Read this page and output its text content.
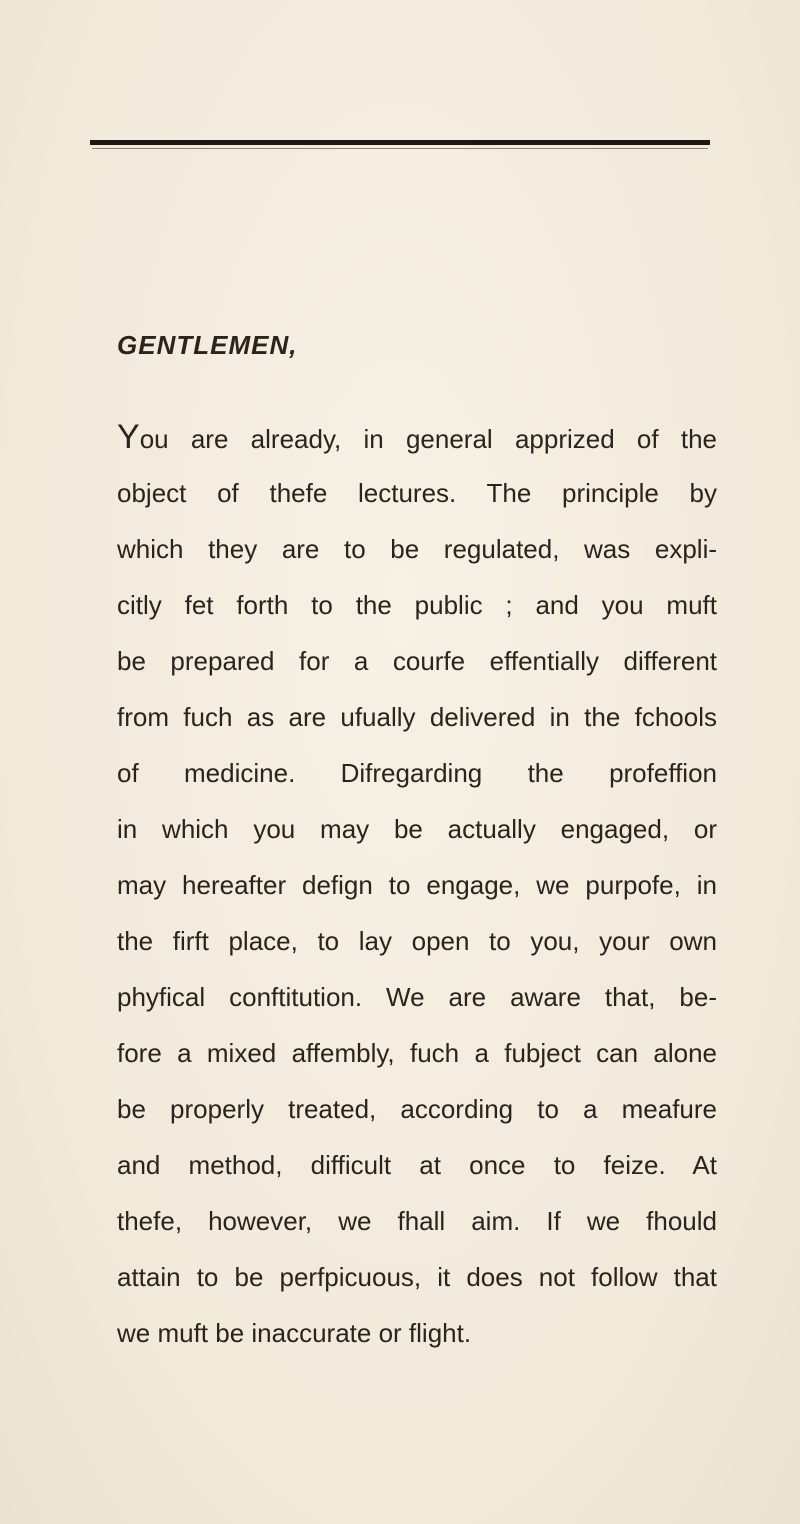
GENTLEMEN,
You are already, in general apprized of the
object of thefe lectures. The principle by
which they are to be regulated, was expli-
citly fet forth to the public ; and you muft
be prepared for a courfe effentially different
from fuch as are ufually delivered in the fchools
of medicine. Difregarding the profeffion
in which you may be actually engaged, or
may hereafter defign to engage, we purpofe, in
the firft place, to lay open to you, your own
phyfical conftitution. We are aware that, be-
fore a mixed affembly, fuch a fubject can alone
be properly treated, according to a meafure
and method, difficult at once to feize. At
thefe, however, we fhall aim. If we fhould
attain to be perfpicuous, it does not follow that
we muft be inaccurate or flight.
